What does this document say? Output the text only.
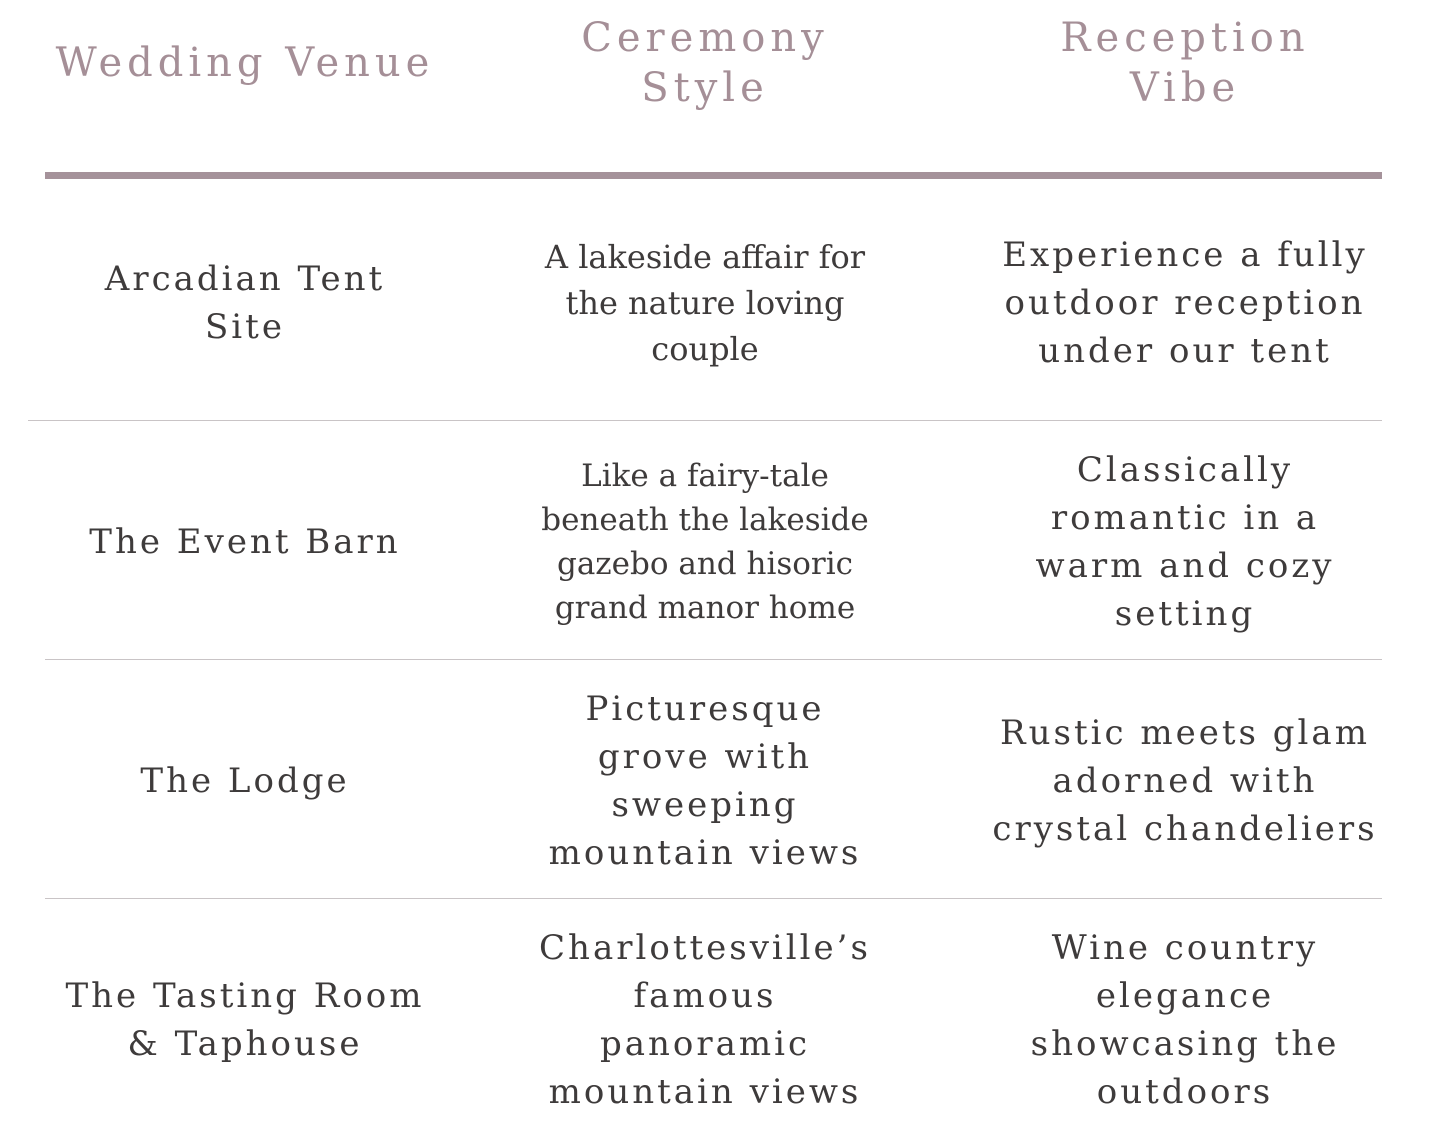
Wedding Venue
Ceremony
Style
Reception
Vibe
Arcadian Tent Site
A lakeside affair for the nature loving couple
Experience a fully outdoor reception under our tent
The Event Barn
Like a fairy-tale beneath the lakeside gazebo and hisoric grand manor home
Classically romantic in a warm and cozy setting
The Lodge
Picturesque grove with sweeping mountain views
Rustic meets glam adorned with crystal chandeliers
The Tasting Room & Taphouse
Charlottesville’s famous panoramic mountain views
Wine country elegance showcasing the outdoors
